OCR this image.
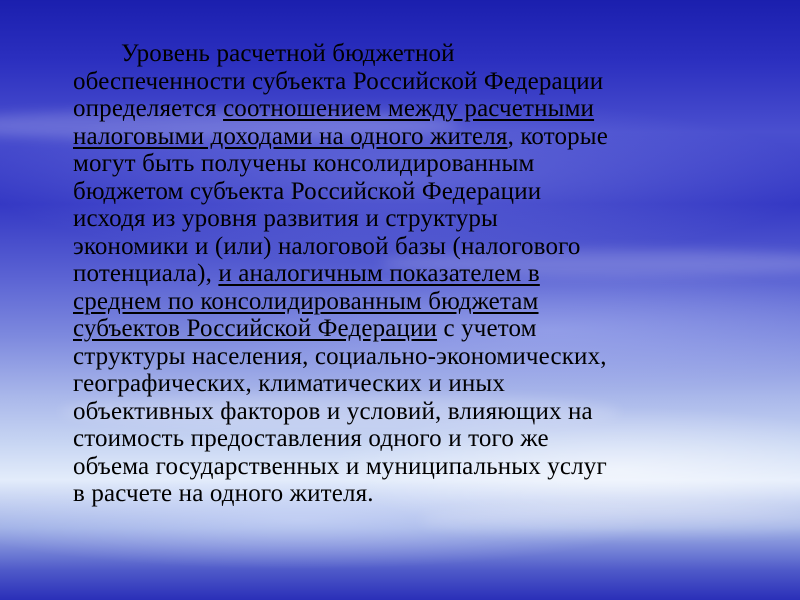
Уровень расчетной бюджетной
обеспеченности субъекта Российской Федерации
определяется соотношением между расчетными
налоговыми доходами на одного жителя, которые
могут быть получены консолидированным
бюджетом субъекта Российской Федерации
исходя из уровня развития и структуры
экономики и (или) налоговой базы (налогового
потенциала), и аналогичным показателем в
среднем по консолидированным бюджетам
субъектов Российской Федерации с учетом
структуры населения, социально-экономических,
географических, климатических и иных
объективных факторов и условий, влияющих на
стоимость предоставления одного и того же
объема государственных и муниципальных услуг
в расчете на одного жителя.
